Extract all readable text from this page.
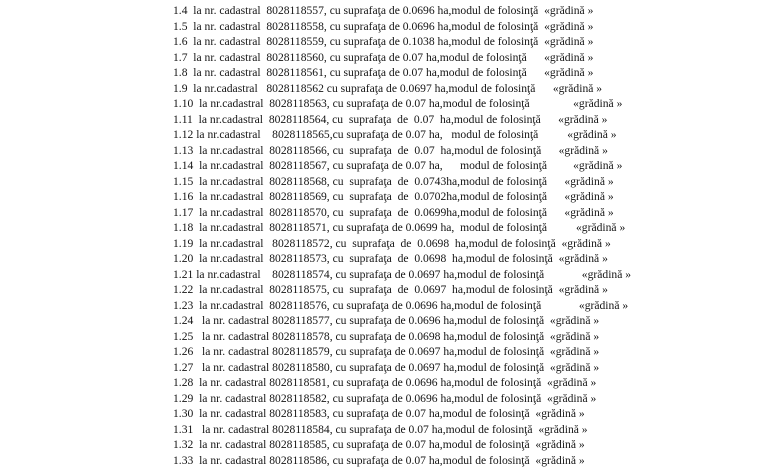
1.4  la nr. cadastral  8028118557, cu suprafaţa de 0.0696 ha,modul de folosinţă  «grădină »
1.5  la nr. cadastral  8028118558, cu suprafaţa de 0.0696 ha,modul de folosinţă  «grădină »
1.6  la nr. cadastral  8028118559, cu suprafaţa de 0.1038 ha,modul de folosinţă  «grădină »
1.7  la nr. cadastral  8028118560, cu suprafaţa de 0.07 ha,modul de folosinţă      «grădină »
1.8  la nr. cadastral  8028118561, cu suprafaţa de 0.07 ha,modul de folosinţă      «grădină »
1.9  la nr.cadastral   8028118562 cu suprafaţa de 0.0697 ha,modul de folosinţă      «grădină »
1.10  la nr.cadastral  8028118563, cu suprafaţa de 0.07 ha,modul de folosinţă               «grădină »
1.11  la nr.cadastral  8028118564, cu  suprafaţa  de  0.07  ha,modul de folosinţă      «grădină »
1.12 la nr.cadastral    8028118565,cu suprafaţa de 0.07 ha,   modul de folosinţă          «grădină »
1.13  la nr.cadastral  8028118566, cu  suprafaţa  de  0.07  ha,modul de folosinţă      «grădină »
1.14  la nr.cadastral  8028118567, cu suprafaţa de 0.07 ha,      modul de folosinţă         «grădină »
1.15  la nr.cadastral  8028118568, cu  suprafaţa  de  0.0743ha,modul de folosinţă      «grădină »
1.16  la nr.cadastral  8028118569, cu  suprafaţa  de  0.0702ha,modul de folosinţă      «grădină »
1.17  la nr.cadastral  8028118570, cu  suprafaţa  de  0.0699ha,modul de folosinţă      «grădină »
1.18  la nr.cadastral  8028118571, cu suprafaţa de 0.0699 ha,  modul de folosinţă          «grădină »
1.19  la nr.cadastral   8028118572, cu  suprafaţa  de  0.0698  ha,modul de folosinţă  «grădină »
1.20  la nr.cadastral  8028118573, cu  suprafaţa  de  0.0698  ha,modul de folosinţă  «grădină »
1.21 la nr.cadastral    8028118574, cu suprafaţa de 0.0697 ha,modul de folosinţă             «grădină »
1.22  la nr.cadastral  8028118575, cu  suprafaţa  de  0.0697  ha,modul de folosinţă  «grădină »
1.23  la nr.cadastral  8028118576, cu suprafaţa de 0.0696 ha,modul de folosinţă             «grădină »
1.24   la nr. cadastral 8028118577, cu suprafaţa de 0.0696 ha,modul de folosinţă  «grădină »
1.25   la nr. cadastral 8028118578, cu suprafaţa de 0.0698 ha,modul de folosinţă  «grădină »
1.26   la nr. cadastral 8028118579, cu suprafaţa de 0.0697 ha,modul de folosinţă  «grădină »
1.27   la nr. cadastral 8028118580, cu suprafaţa de 0.0697 ha,modul de folosinţă  «grădină »
1.28  la nr. cadastral 8028118581, cu suprafaţa de 0.0696 ha,modul de folosinţă  «grădină »
1.29  la nr. cadastral 8028118582, cu suprafaţa de 0.0696 ha,modul de folosinţă  «grădină »
1.30  la nr. cadastral 8028118583, cu suprafaţa de 0.07 ha,modul de folosinţă  «grădină »
1.31   la nr. cadastral 8028118584, cu suprafaţa de 0.07 ha,modul de folosinţă  «grădină »
1.32  la nr. cadastral 8028118585, cu suprafaţa de 0.07 ha,modul de folosinţă  «grădină »
1.33  la nr. cadastral 8028118586, cu suprafaţa de 0.07 ha,modul de folosinţă  «grădină »
